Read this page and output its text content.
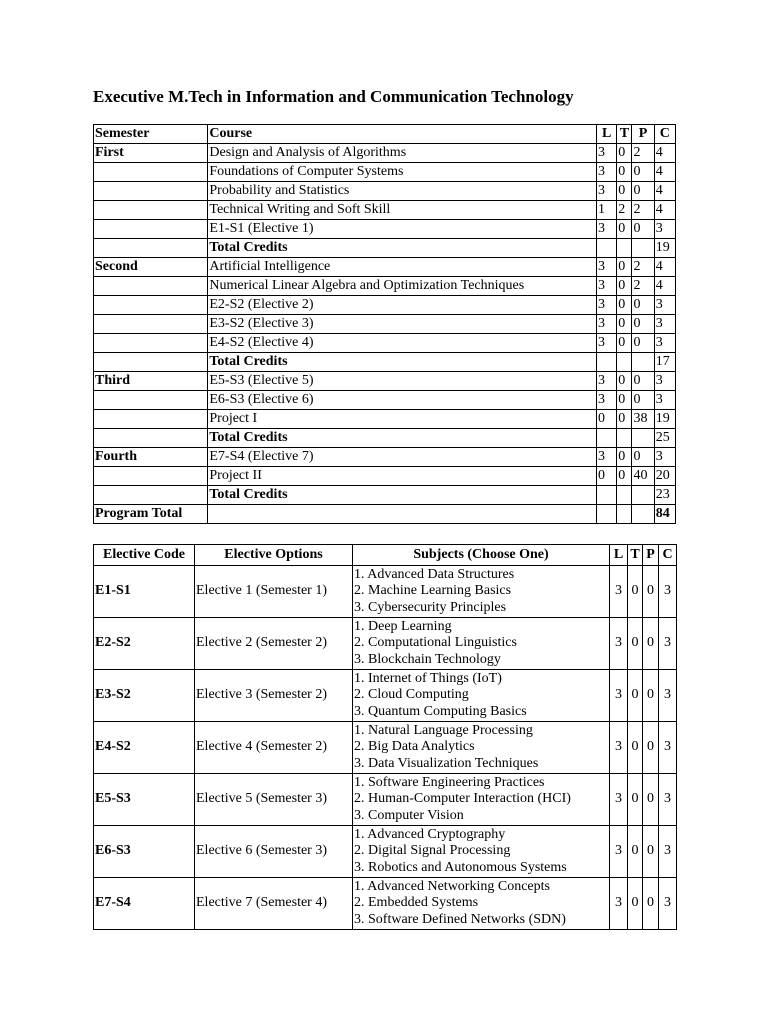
Executive M.Tech in Information and Communication Technology
Semester	Course	L	T	P	C
First	Design and Analysis of Algorithms	3	0	2	4
	Foundations of Computer Systems	3	0	0	4
	Probability and Statistics	3	0	0	4
	Technical Writing and Soft Skill	1	2	2	4
	E1-S1 (Elective 1)	3	0	0	3
	Total Credits				19
Second	Artificial Intelligence	3	0	2	4
	Numerical Linear Algebra and Optimization Techniques	3	0	2	4
	E2-S2 (Elective 2)	3	0	0	3
	E3-S2 (Elective 3)	3	0	0	3
	E4-S2 (Elective 4)	3	0	0	3
	Total Credits				17
Third	E5-S3 (Elective 5)	3	0	0	3
	E6-S3 (Elective 6)	3	0	0	3
	Project I	0	0	38	19
	Total Credits				25
Fourth	E7-S4 (Elective 7)	3	0	0	3
	Project II	0	0	40	20
	Total Credits				23
Program Total					84
Elective Code	Elective Options	Subjects (Choose One)	L	T	P	C
E1-S1	Elective 1 (Semester 1)	1. Advanced Data Structures
2. Machine Learning Basics
3. Cybersecurity Principles	3	0	0	3
E2-S2	Elective 2 (Semester 2)	1. Deep Learning
2. Computational Linguistics
3. Blockchain Technology	3	0	0	3
E3-S2	Elective 3 (Semester 2)	1. Internet of Things (IoT)
2. Cloud Computing
3. Quantum Computing Basics	3	0	0	3
E4-S2	Elective 4 (Semester 2)	1. Natural Language Processing
2. Big Data Analytics
3. Data Visualization Techniques	3	0	0	3
E5-S3	Elective 5 (Semester 3)	1. Software Engineering Practices
2. Human-Computer Interaction (HCI)
3. Computer Vision	3	0	0	3
E6-S3	Elective 6 (Semester 3)	1. Advanced Cryptography
2. Digital Signal Processing
3. Robotics and Autonomous Systems	3	0	0	3
E7-S4	Elective 7 (Semester 4)	1. Advanced Networking Concepts
2. Embedded Systems
3. Software Defined Networks (SDN)	3	0	0	3
